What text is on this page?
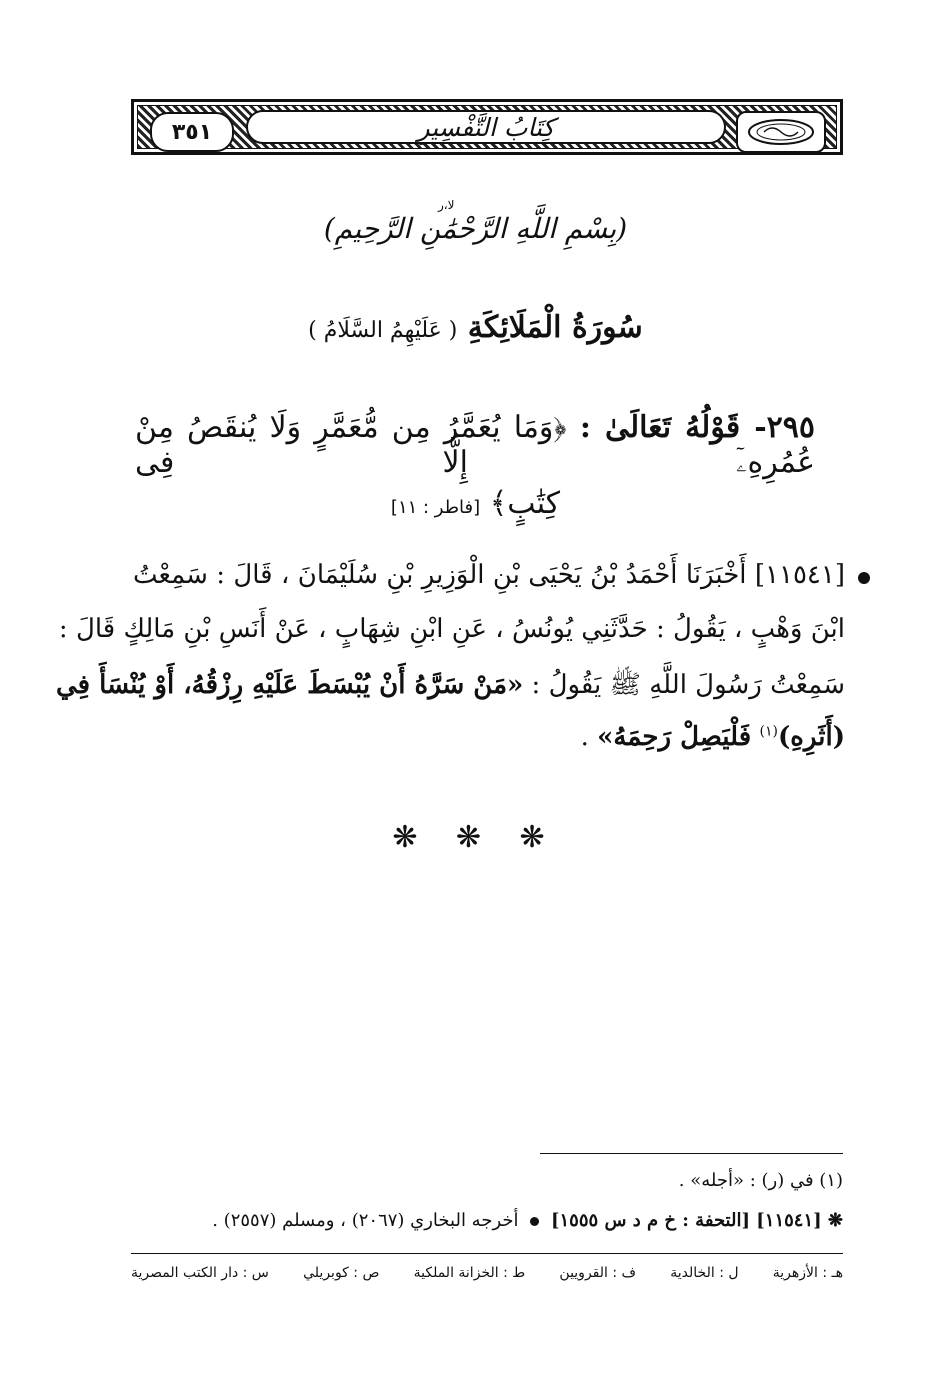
٣٥١	كِتَابُ التَّفْسِيرِ
لا،ر
(بِسْمِ اللَّهِ الرَّحْمَٰنِ الرَّحِيمِ)
سُورَةُ الْمَلَائِكَةِ ( عَلَيْهِمُ السَّلَامُ )
٢٩٥- قَوْلُهُ تَعَالَىٰ : ﴿وَمَا يُعَمَّرُ مِن مُّعَمَّرٍ وَلَا يُنقَصُ مِنْ عُمُرِهِۦٓ إِلَّا فِى
كِتَٰبٍ﴾ [فاطر : ١١]
[١١٥٤١] أَخْبَرَنَا أَحْمَدُ بْنُ يَحْيَى بْنِ الْوَزِيرِ بْنِ سُلَيْمَانَ ، قَالَ : سَمِعْتُ
ابْنَ وَهْبٍ ، يَقُولُ : حَدَّثَنِي يُونُسُ ، عَنِ ابْنِ شِهَابٍ ، عَنْ أَنَسِ بْنِ مَالِكٍ قَالَ :
سَمِعْتُ رَسُولَ اللَّهِ ﷺ يَقُولُ : «مَنْ سَرَّهُ أَنْ يُبْسَطَ عَلَيْهِ رِزْقُهُ، أَوْ يُنْسَأَ فِي
(أَثَرِهِ)$^{(١)}$ فَلْيَصِلْ رَحِمَهُ» .
❋ ❋ ❋
(١) في (ر) : «أجله» .
❋ [١١٥٤١] [التحفة : خ م د س ١٥٥٥]  أخرجه البخاري (٢٠٦٧) ، ومسلم (٢٥٥٧) .
س : دار الكتب المصرية ص : كوبريلي ط : الخزانة الملكية ف : القرويين ل : الخالدية هـ : الأزهرية
